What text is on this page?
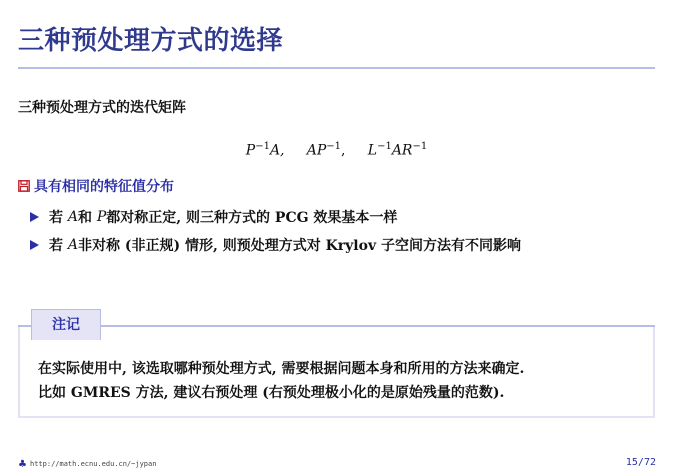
三种预处理方式的选择
三种预处理方式的迭代矩阵
$P^{-1}A$, $AP^{-1}$, $L^{-1}AR^{-1}$
具有相同的特征值分布
若
A 和
P 都对称正定, 则三种方式的 PCG 效果基本一样
若
A 非对称 (非正规) 情形, 则预处理方式对 Krylov 子空间方法有不同影响
注记
在实际使用中, 该选取哪种预处理方式, 需要根据问题本身和所用的方法来确定.
比如 GMRES 方法, 建议右预处理 (右预处理极小化的是原始残量的范数).
♣ http://math.ecnu.edu.cn/~jypan	15/72
